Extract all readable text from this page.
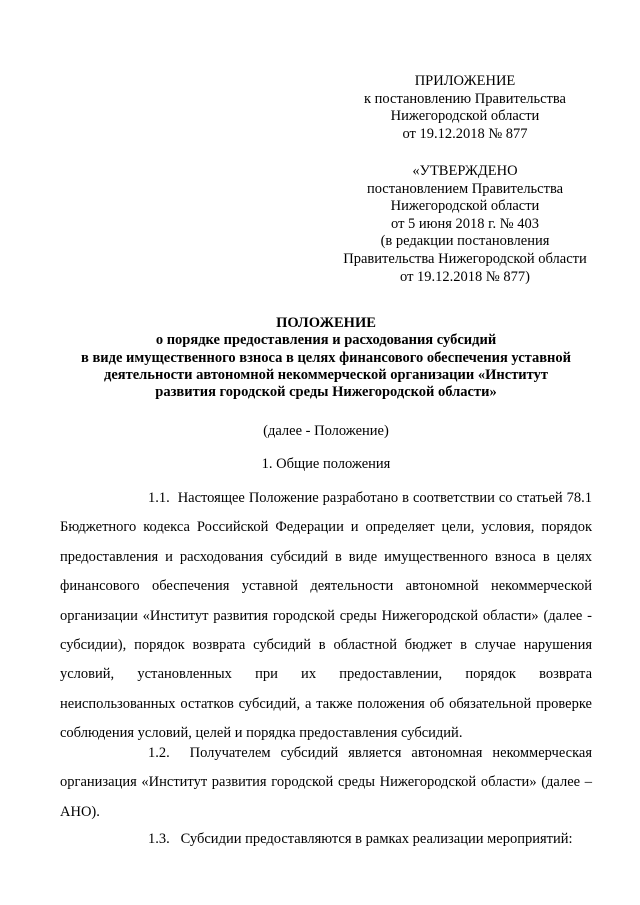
ПРИЛОЖЕНИЕ
к постановлению Правительства
Нижегородской области
от 19.12.2018 № 877
«УТВЕРЖДЕНО
постановлением Правительства
Нижегородской области
от 5 июня 2018 г. № 403
(в редакции постановления
Правительства Нижегородской области
от 19.12.2018 № 877)
ПОЛОЖЕНИЕ
о порядке предоставления и расходования субсидий
в виде имущественного взноса в целях финансового обеспечения уставной
деятельности автономной некоммерческой организации «Институт
развития городской среды Нижегородской области»
(далее - Положение)
1. Общие положения

1.1. Настоящее Положение разработано в соответствии со статьей 78.1 Бюджетного кодекса Российской Федерации и определяет цели, условия, порядок предоставления и расходования субсидий в виде имущественного взноса в целях финансового обеспечения уставной деятельности автономной некоммерческой организации «Институт развития городской среды Нижегородской области» (далее - субсидии), порядок возврата субсидий в областной бюджет в случае нарушения условий, установленных при их предоставлении, порядок возврата неиспользованных остатков субсидий, а также положения об обязательной проверке соблюдения условий, целей и порядка предоставления субсидий.

1.2. Получателем субсидий является автономная некоммерческая организация «Институт развития городской среды Нижегородской области» (далее – АНО).

1.3. Субсидии предоставляются в рамках реализации мероприятий:
